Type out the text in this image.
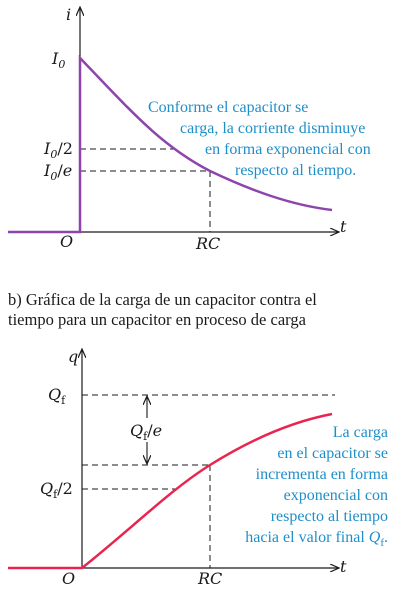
i
t
O
$I_0$
$I_0/2$
$I_0/e$
RC
Conforme el capacitor se
carga, la corriente disminuye
en forma exponencial con
respecto al tiempo.
b) Gráfica de la carga de un capacitor contra el
tiempo para un capacitor en proceso de carga
$Q_f/e$
q
t
O
$Q_f$
$Q_f/2$
RC
La carga
en el capacitor se
incrementa en forma
exponencial con
respecto al tiempo
hacia el valor final $Q_f$.
